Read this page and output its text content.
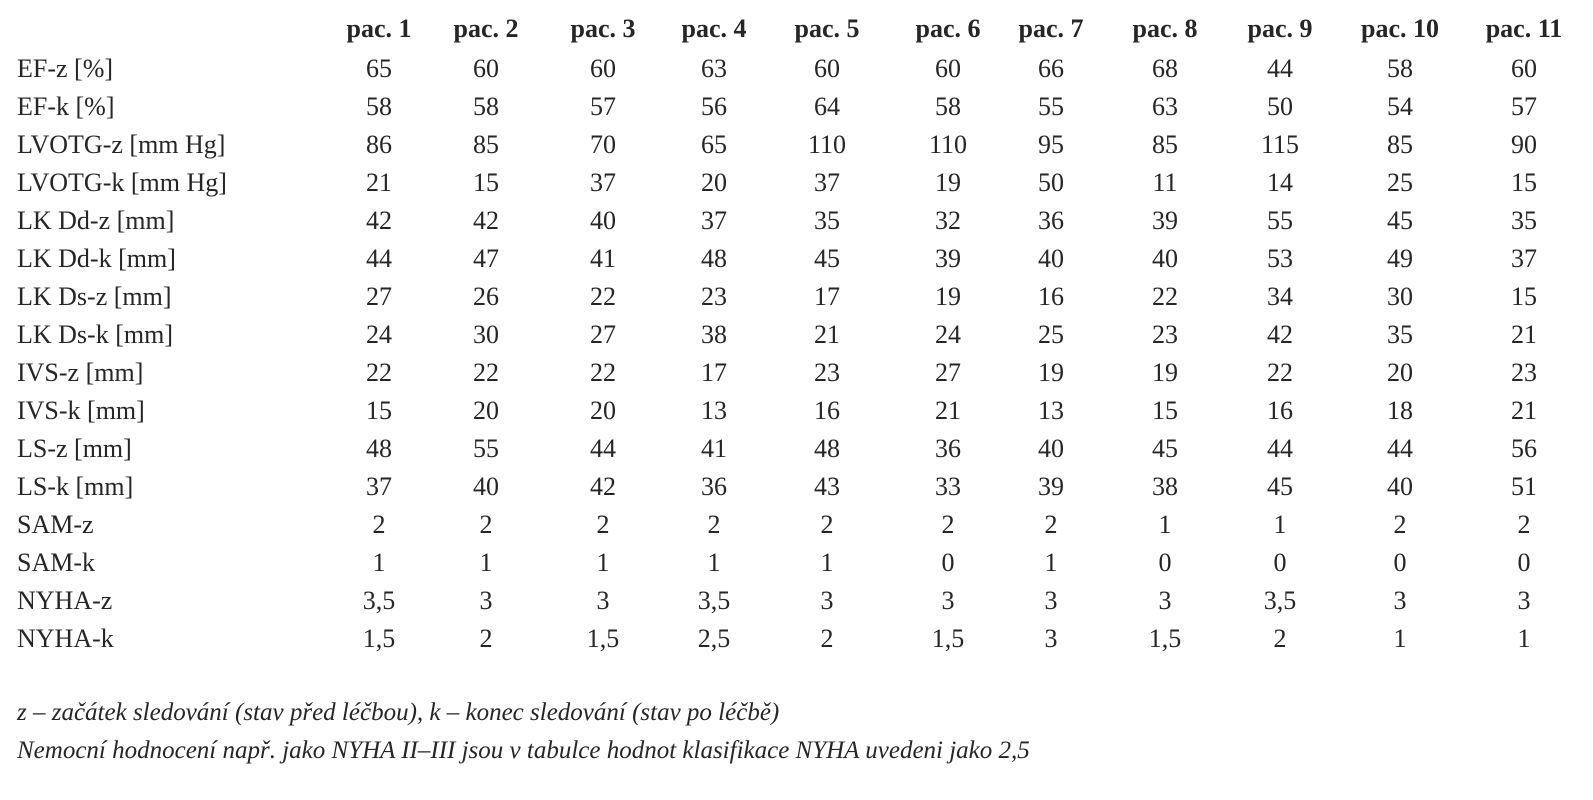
	pac. 1	pac. 2	pac. 3	pac. 4	pac. 5	pac. 6	pac. 7	pac. 8	pac. 9	pac. 10	pac. 11
EF-z [%]	65	60	60	63	60	60	66	68	44	58	60
EF-k [%]	58	58	57	56	64	58	55	63	50	54	57
LVOTG-z [mm Hg]	86	85	70	65	110	110	95	85	115	85	90
LVOTG-k [mm Hg]	21	15	37	20	37	19	50	11	14	25	15
LK Dd-z [mm]	42	42	40	37	35	32	36	39	55	45	35
LK Dd-k [mm]	44	47	41	48	45	39	40	40	53	49	37
LK Ds-z [mm]	27	26	22	23	17	19	16	22	34	30	15
LK Ds-k [mm]	24	30	27	38	21	24	25	23	42	35	21
IVS-z [mm]	22	22	22	17	23	27	19	19	22	20	23
IVS-k [mm]	15	20	20	13	16	21	13	15	16	18	21
LS-z [mm]	48	55	44	41	48	36	40	45	44	44	56
LS-k [mm]	37	40	42	36	43	33	39	38	45	40	51
SAM-z	2	2	2	2	2	2	2	1	1	2	2
SAM-k	1	1	1	1	1	0	1	0	0	0	0
NYHA-z	3,5	3	3	3,5	3	3	3	3	3,5	3	3
NYHA-k	1,5	2	1,5	2,5	2	1,5	3	1,5	2	1	1
z – začátek sledování (stav před léčbou), k – konec sledování (stav po léčbě)
Nemocní hodnocení např. jako NYHA II–III jsou v tabulce hodnot klasifikace NYHA uvedeni jako 2,5
